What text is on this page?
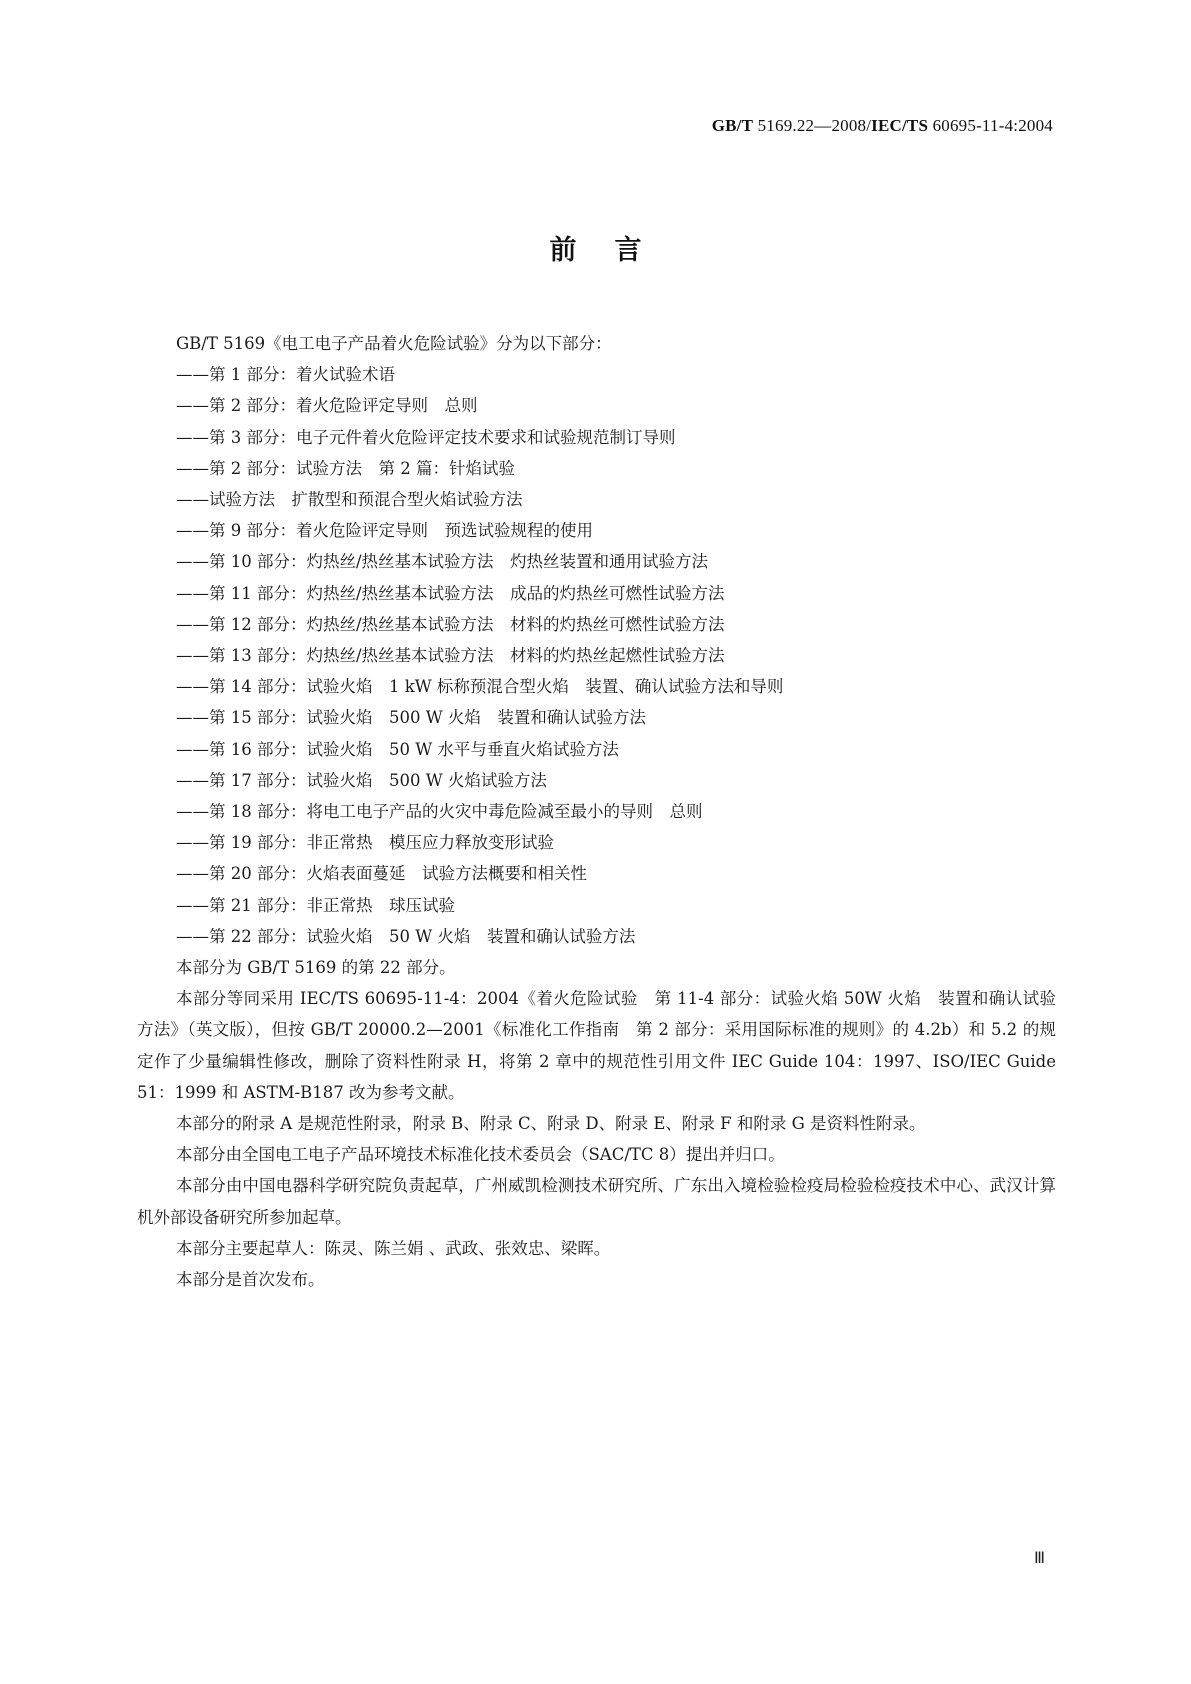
GB/T 5169.22—2008/IEC/TS 60695-11-4:2004
前言
GB/T 5169《电工电子产品着火危险试验》分为以下部分：
——第 1 部分：着火试验术语
——第 2 部分：着火危险评定导则　总则
——第 3 部分：电子元件着火危险评定技术要求和试验规范制订导则
——第 2 部分：试验方法　第 2 篇：针焰试验
——试验方法　扩散型和预混合型火焰试验方法
——第 9 部分：着火危险评定导则　预选试验规程的使用
——第 10 部分：灼热丝/热丝基本试验方法　灼热丝装置和通用试验方法
——第 11 部分：灼热丝/热丝基本试验方法　成品的灼热丝可燃性试验方法
——第 12 部分：灼热丝/热丝基本试验方法　材料的灼热丝可燃性试验方法
——第 13 部分：灼热丝/热丝基本试验方法　材料的灼热丝起燃性试验方法
——第 14 部分：试验火焰　1 kW 标称预混合型火焰　装置、确认试验方法和导则
——第 15 部分：试验火焰　500 W 火焰　装置和确认试验方法
——第 16 部分：试验火焰　50 W 水平与垂直火焰试验方法
——第 17 部分：试验火焰　500 W 火焰试验方法
——第 18 部分：将电工电子产品的火灾中毒危险减至最小的导则　总则
——第 19 部分：非正常热　模压应力释放变形试验
——第 20 部分：火焰表面蔓延　试验方法概要和相关性
——第 21 部分：非正常热　球压试验
——第 22 部分：试验火焰　50 W 火焰　装置和确认试验方法
本部分为 GB/T 5169 的第 22 部分。
本部分等同采用 IEC/TS 60695-11-4：2004《着火危险试验　第 11-4 部分：试验火焰 50W 火焰　装置和确认试验方法》（英文版），但按 GB/T 20000.2—2001《标准化工作指南　第 2 部分：采用国际标准的规则》的 4.2b）和 5.2 的规定作了少量编辑性修改，删除了资料性附录 H，将第 2 章中的规范性引用文件 IEC Guide 104：1997、ISO/IEC Guide 51：1999 和 ASTM-B187 改为参考文献。
本部分的附录 A 是规范性附录，附录 B、附录 C、附录 D、附录 E、附录 F 和附录 G 是资料性附录。
本部分由全国电工电子产品环境技术标准化技术委员会（SAC/TC 8）提出并归口。
本部分由中国电器科学研究院负责起草，广州威凯检测技术研究所、广东出入境检验检疫局检验检疫技术中心、武汉计算机外部设备研究所参加起草。
本部分主要起草人：陈灵、陈兰娟 、武政、张效忠、梁晖。
本部分是首次发布。
Ⅲ
